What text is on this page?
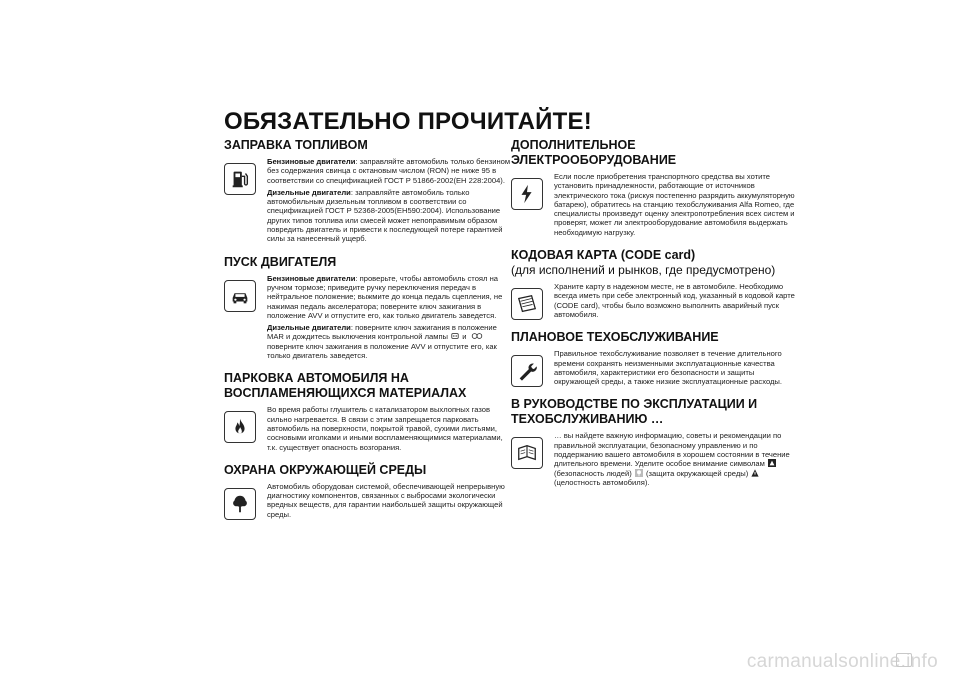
ОБЯЗАТЕЛЬНО ПРОЧИТАЙТЕ!
ЗАПРАВКА ТОПЛИВОМ

Бензиновые двигатели: заправляйте автомобиль только бензином без содержания свинца с октановым числом (RON) не ниже 95 в соответствии со спецификацией ГОСТ Р 51866-2002(ЕН 228:2004).

Дизельные двигатели: заправляйте автомобиль только автомобильным дизельным топливом в соответствии со спецификацией ГОСТ Р 52368-2005(EH590:2004). Использование других типов топлива или смесей может непоправимым образом повредить двигатель и привести к последующей потере гарантией силы за нанесенный ущерб.

ПУСК ДВИГАТЕЛЯ

Бензиновые двигатели: проверьте, чтобы автомобиль стоял на ручном тормозе; приведите ручку переключения передач в нейтральное положение; выжмите до конца педаль сцепления, не нажимая педаль акселератора; поверните ключ зажигания в положение AVV и отпустите его, как только двигатель заведется.

Дизельные двигатели: поверните ключ зажигания в положение MAR и дождитесь выключения контрольной лампы и  поверните ключ зажигания в положение AVV и отпустите его, как только двигатель заведется.

ПАРКОВКА АВТОМОБИЛЯ НА ВОСПЛАМЕНЯЮЩИХСЯ МАТЕРИАЛАХ

Во время работы глушитель с катализатором выхлопных газов сильно нагревается. В связи с этим запрещается парковать автомобиль на поверхности, покрытой травой, сухими листьями, сосновыми иголками и иными воспламеняющимися материалами, т.к. существует опасность возгорания.

ОХРАНА ОКРУЖАЮЩЕЙ СРЕДЫ

Автомобиль оборудован системой, обеспечивающей непрерывную диагностику компонентов, связанных с выбросами экологически вредных веществ, для гарантии наибольшей защиты окружающей среды.

ДОПОЛНИТЕЛЬНОЕ ЭЛЕКТРООБОРУДОВАНИЕ

Если после приобретения транспортного средства вы хотите установить принадлежности, работающие от источников электрического тока (рискуя постепенно разрядить аккумуляторную батарею), обратитесь на станцию техобслуживания Alfa Romeo, где специалисты произведут оценку электропотребления всех систем и проверят, может ли электрооборудование автомобиля выдержать необходимую нагрузку.

КОДОВАЯ КАРТА (CODE card)
(для исполнений и рынков, где предусмотрено)

Храните карту в надежном месте, не в автомобиле. Необходимо всегда иметь при себе электронный код, указанный в кодовой карте (CODE card), чтобы было возможно выполнить аварийный пуск автомобиля.

ПЛАНОВОЕ ТЕХОБСЛУЖИВАНИЕ

Правильное техобслуживание позволяет в течение длительного времени сохранять неизменными эксплуатационные качества автомобиля, характеристики его безопасности и защиты окружающей среды, а также низкие эксплуатационные расходы.

В РУКОВОДСТВЕ ПО ЭКСПЛУАТАЦИИ И ТЕХОБСЛУЖИВАНИЮ …

… вы найдете важную информацию, советы и рекомендации по правильной эксплуатации, безопасному управлению и по поддержанию вашего автомобиля в хорошем состоянии в течение длительного времени. Уделите особое внимание символам  (безопасность людей) (защита окружающей среды)  (целостность автомобиля).

carmanualsonline.info
